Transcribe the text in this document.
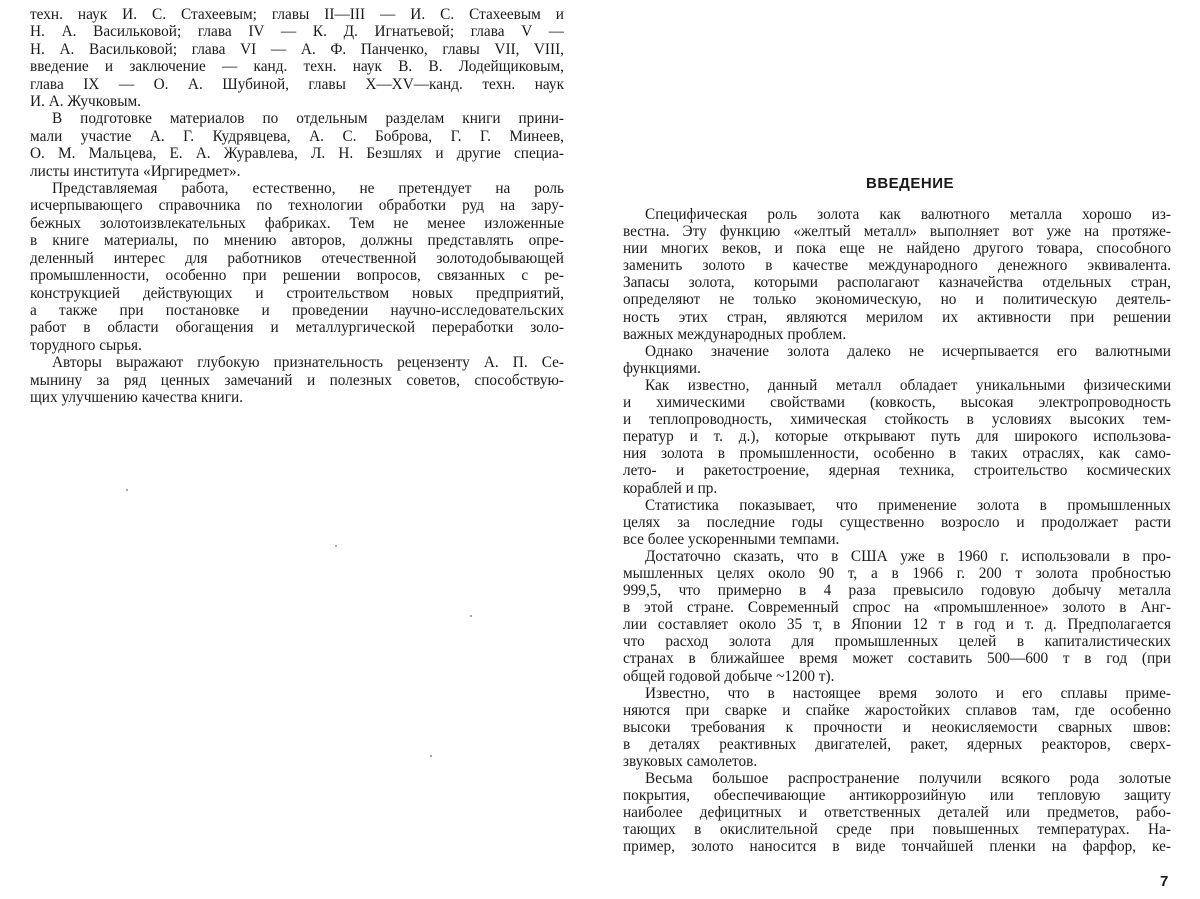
техн. наук И. С. Стахеевым; главы II—III — И. С. Стахеевым и
Н. А. Васильковой; глава IV — К. Д. Игнатьевой; глава V —
Н. А. Васильковой; глава VI — А. Ф. Панченко, главы VII, VIII,
введение и заключение — канд. техн. наук В. В. Лодейщиковым,
глава IX — О. А. Шубиной, главы X—XV—канд. техн. наук
И. А. Жучковым.

В подготовке материалов по отдельным разделам книги прини-
мали участие А. Г. Кудрявцева, А. С. Боброва, Г. Г. Минеев,
О. М. Мальцева, Е. А. Журавлева, Л. Н. Безшлях и другие специа-
листы института «Иргиредмет».

Представляемая работа, естественно, не претендует на роль
исчерпывающего справочника по технологии обработки руд на зару-
бежных золотоизвлекательных фабриках. Тем не менее изложенные
в книге материалы, по мнению авторов, должны представлять опре-
деленный интерес для работников отечественной золотодобывающей
промышленности, особенно при решении вопросов, связанных с ре-
конструкцией действующих и строительством новых предприятий,
а также при постановке и проведении научно-исследовательских
работ в области обогащения и металлургической переработки золо-
торудного сырья.

Авторы выражают глубокую признательность рецензенту А. П. Се-
мынину за ряд ценных замечаний и полезных советов, способствую-
щих улучшению качества книги.

ВВЕДЕНИЕ

Специфическая роль золота как валютного металла хорошо из-
вестна. Эту функцию «желтый металл» выполняет вот уже на протяже-
нии многих веков, и пока еще не найдено другого товара, способного
заменить золото в качестве международного денежного эквивалента.
Запасы золота, которыми располагают казначейства отдельных стран,
определяют не только экономическую, но и политическую деятель-
ность этих стран, являются мерилом их активности при решении
важных международных проблем.

Однако значение золота далеко не исчерпывается его валютными
функциями.

Как известно, данный металл обладает уникальными физическими
и химическими свойствами (ковкость, высокая электропроводность
и теплопроводность, химическая стойкость в условиях высоких тем-
ператур и т. д.), которые открывают путь для широкого использова-
ния золота в промышленности, особенно в таких отраслях, как само-
лето- и ракетостроение, ядерная техника, строительство космических
кораблей и пр.

Статистика показывает, что применение золота в промышленных
целях за последние годы существенно возросло и продолжает расти
все более ускоренными темпами.

Достаточно сказать, что в США уже в 1960 г. использовали в про-
мышленных целях около 90 т, а в 1966 г. 200 т золота пробностью
999,5, что примерно в 4 раза превысило годовую добычу металла
в этой стране. Современный спрос на «промышленное» золото в Анг-
лии составляет около 35 т, в Японии 12 т в год и т. д. Предполагается
что расход золота для промышленных целей в капиталистических
странах в ближайшее время может составить 500—600 т в год (при
общей годовой добыче ~1200 т).

Известно, что в настоящее время золото и его сплавы приме-
няются при сварке и спайке жаростойких сплавов там, где особенно
высоки требования к прочности и неокисляемости сварных швов:
в деталях реактивных двигателей, ракет, ядерных реакторов, сверх-
звуковых самолетов.

Весьма большое распространение получили всякого рода золотые
покрытия, обеспечивающие антикоррозийную или тепловую защиту
наиболее дефицитных и ответственных деталей или предметов, рабо-
тающих в окислительной среде при повышенных температурах. На-
пример, золото наносится в виде тончайшей пленки на фарфор, ке-

7
